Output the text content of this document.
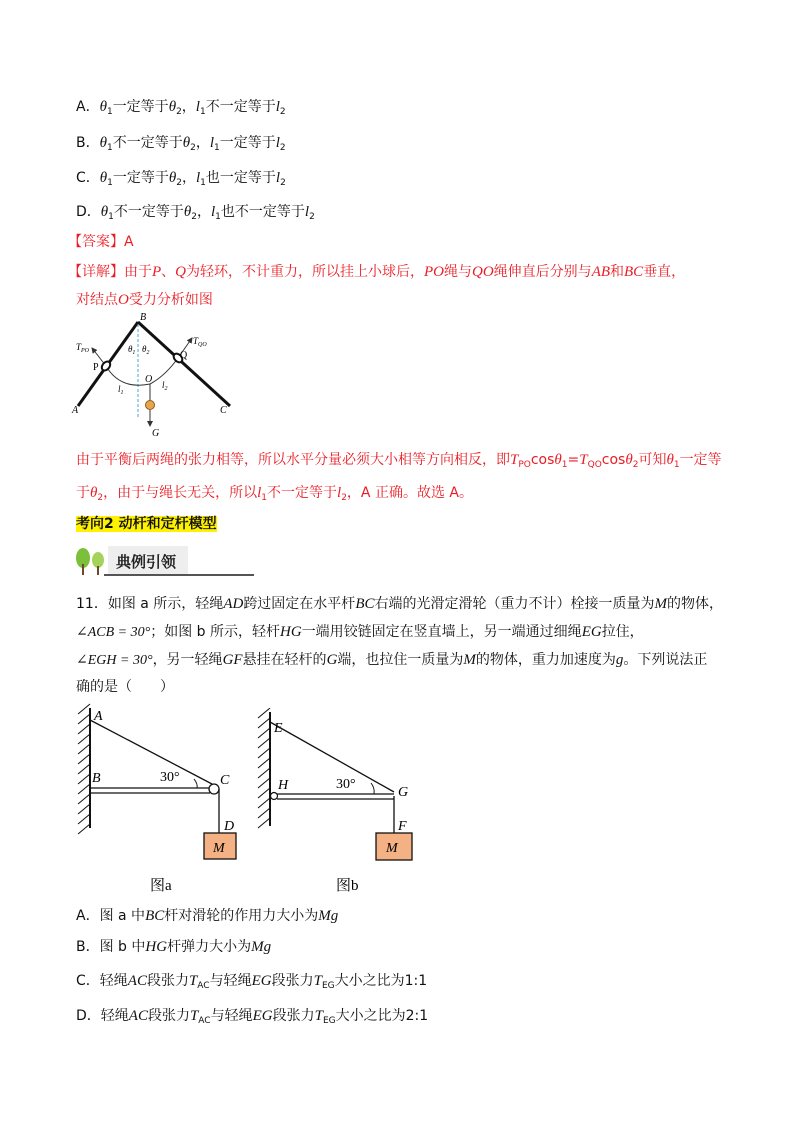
A．$\theta_1$一定等于$\theta_2$，$l_1$不一定等于$l_2$
B．$\theta_1$不一定等于$\theta_2$，$l_1$一定等于$l_2$
C．$\theta_1$一定等于$\theta_2$，$l_1$也一定等于$l_2$
D．$\theta_1$不一定等于$\theta_2$，$l_1$也不一定等于$l_2$
【答案】A
【详解】由于P、Q为轻环，不计重力，所以挂上小球后，PO绳与QO绳伸直后分别与AB和BC垂直，
对结点O受力分析如图
B
P
Q
O
A	C
G
$T_{PO}$
$T_{QO}$
$\theta_1$ $\theta_2$
$l_1$
$l_2$
由于平衡后两绳的张力相等，所以水平分量必须大小相等方向相反，即$T_{PO}\cos\theta_1=T_{QO}\cos\theta_2$可知$\theta_1$一定等
于$\theta_2$，由于与绳长无关，所以$l_1$不一定等于$l_2$，A 正确。故选 A。
考向2 动杆和定杆模型
典例引领
11．如图 a 所示，轻绳AD跨过固定在水平杆BC右端的光滑定滑轮（重力不计）栓接一质量为M的物体，
∠ACB = 30°；如图 b 所示，轻杆HG一端用铰链固定在竖直墙上，另一端通过细绳EG拉住，
∠EGH = 30°，另一轻绳GF悬挂在轻杆的G端，也拉住一质量为M的物体，重力加速度为g。下列说法正
确的是（　　）
M
A
B	C
D
30°
图a
M
E
H	G
F
30°
图b
A．图 a 中BC杆对滑轮的作用力大小为Mg
B．图 b 中HG杆弹力大小为Mg
C．轻绳AC段张力$T_{AC}$与轻绳EG段张力$T_{EG}$大小之比为1:1
D．轻绳AC段张力$T_{AC}$与轻绳EG段张力$T_{EG}$大小之比为2:1
